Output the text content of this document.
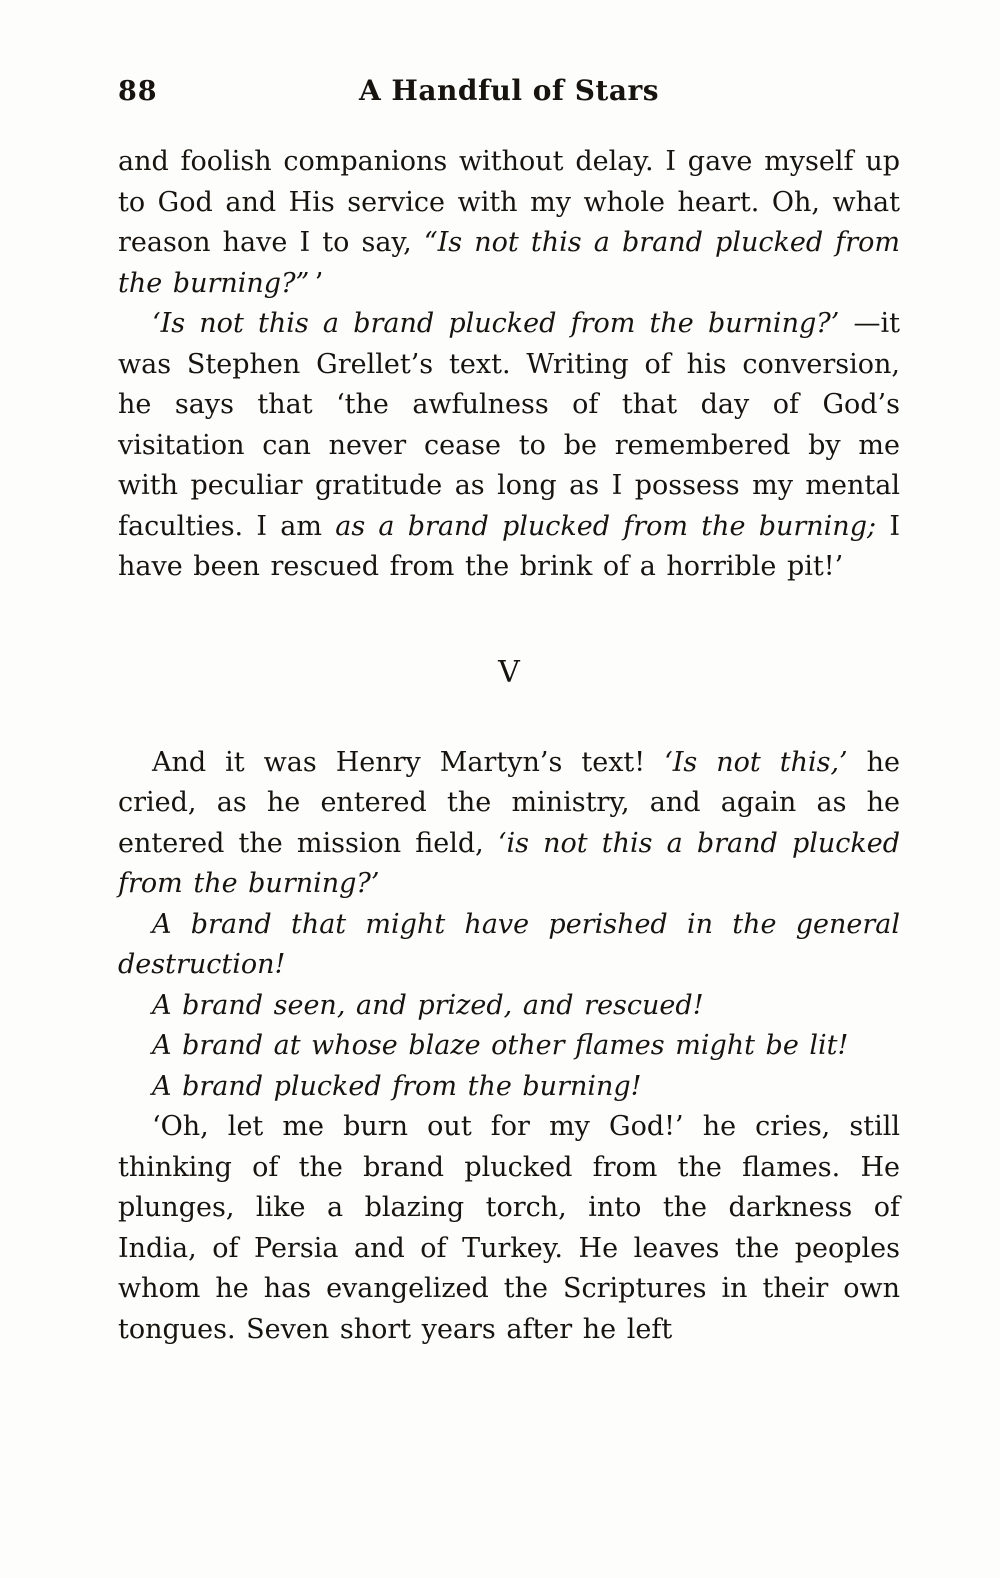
88	A Handful of Stars

and foolish companions without delay. I gave myself up to God and His service with my whole heart. Oh, what reason have I to say, “Is not this a brand plucked from the burning?” ’

‘Is not this a brand plucked from the burning?’ —it was Stephen Grellet’s text. Writing of his conversion, he says that ‘the awfulness of that day of God’s visitation can never cease to be remembered by me with peculiar gratitude as long as I possess my mental faculties. I am as a brand plucked from the burning; I have been rescued from the brink of a horrible pit!’

V

And it was Henry Martyn’s text! ‘Is not this,’ he cried, as he entered the ministry, and again as he entered the mission field, ‘is not this a brand plucked from the burning?’

A brand that might have perished in the general destruction!

A brand seen, and prized, and rescued!

A brand at whose blaze other flames might be lit!

A brand plucked from the burning!

‘Oh, let me burn out for my God!’ he cries, still thinking of the brand plucked from the flames. He plunges, like a blazing torch, into the darkness of India, of Persia and of Turkey. He leaves the peoples whom he has evangelized the Scriptures in their own tongues. Seven short years after he left
